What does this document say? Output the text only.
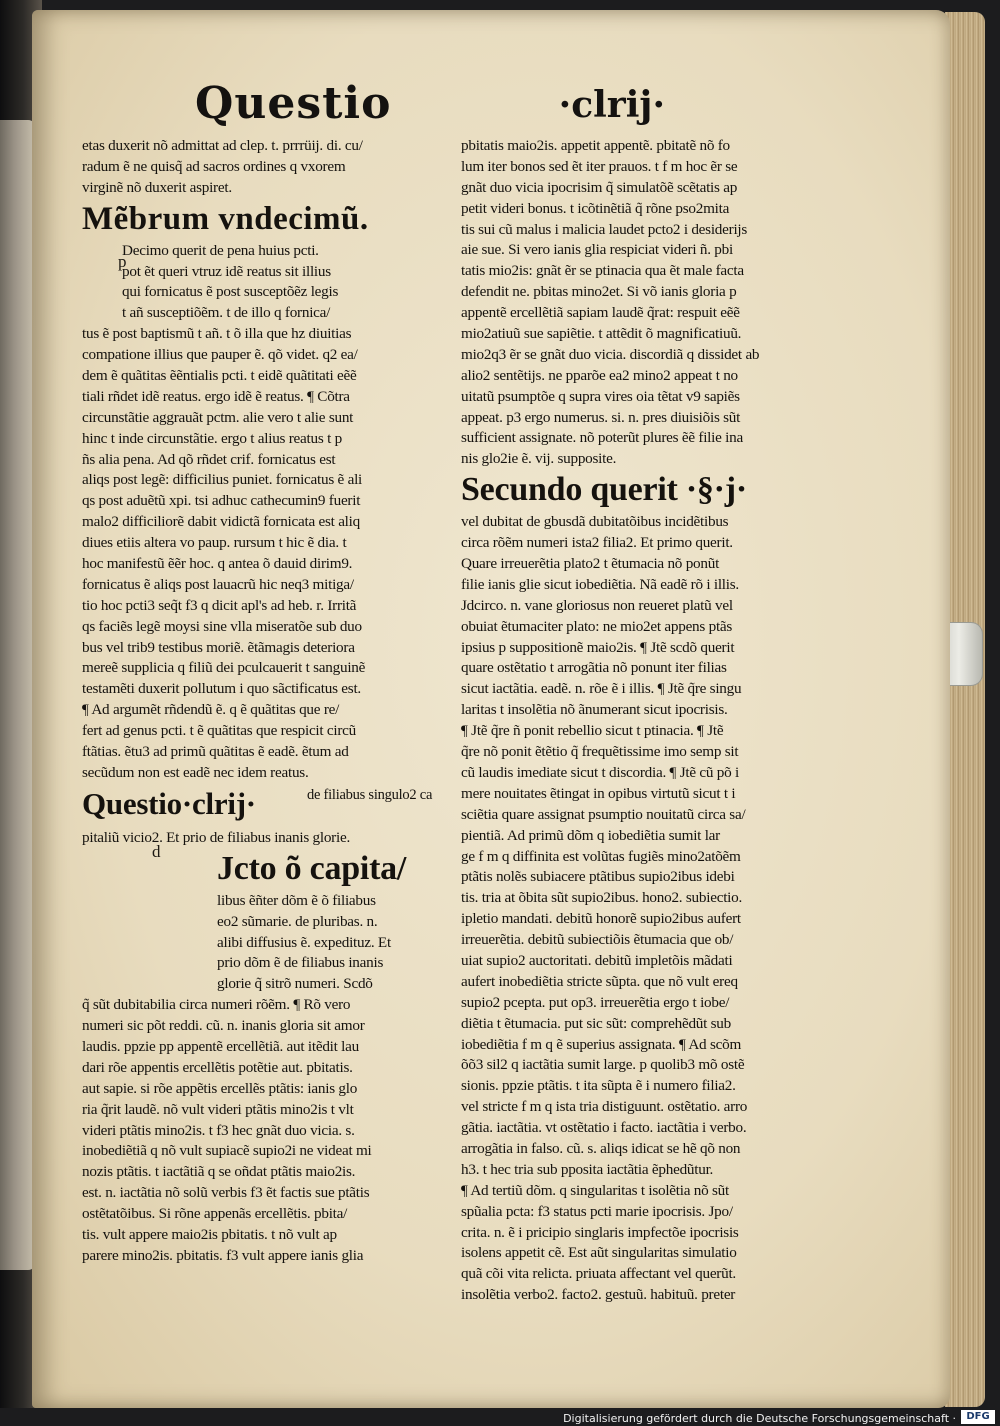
Questio	·clrij·
p
d
etas duxerit nõ admittat ad clep. t. prrrüij. di. cu/
radum ẽ ne quisq̃ ad sacros ordines q vxorem
virginẽ nõ duxerit aspiret.
Mẽbrum vndecimũ.
Decimo querit de pena huius pcti.
pot ẽt queri vtruz idẽ reatus sit illius
qui fornicatus ẽ post susceptõẽz legis
t añ susceptiõẽm. t de illo q fornica/
tus ẽ post baptismũ t añ. t õ illa que hz diuitias
compatione illius que pauper ẽ. qõ videt. q2 ea/
dem ẽ quãtitas ẽẽntialis pcti. t eidẽ quãtitati eẽẽ
tiali rñdet idẽ reatus. ergo idẽ ẽ reatus. ¶ Cõtra
circunstãtie aggrauãt pctm. alie vero t alie sunt
hinc t inde circunstãtie. ergo t alius reatus t p
ñs alia pena. Ad qõ rñdet crif. fornicatus est
aliqs post legẽ: difficilius puniet. fornicatus ẽ ali
qs post aduẽtũ xpi. tsi adhuc cathecumin9 fuerit
malo2 difficiliorẽ dabit vidictã fornicata est aliq
diues etiis altera vo paup. rursum t hic ẽ dia. t
hoc manifestũ ẽẽr hoc. q antea õ dauid dirim9.
fornicatus ẽ aliqs post lauacrũ hic neq3 mitiga/
tio hoc pcti3 seq̃t f3 q dicit apl's ad heb. r. Irritã
qs faciẽs legẽ moysi sine vlla miseratõe sub duo
bus vel trib9 testibus moriẽ. ẽtãmagis deteriora
mereẽ supplicia q filiũ dei pculcauerit t sanguinẽ
testamẽti duxerit pollutum i quo sãctificatus est.
¶ Ad argumẽt rñdendũ ẽ. q ẽ quãtitas que re/
fert ad genus pcti. t ẽ quãtitas que respicit circũ
ftãtias. ẽtu3 ad primũ quãtitas ẽ eadẽ. ẽtum ad
secũdum non est eadẽ nec idem reatus.
Questio·clrij·	de filiabus singulo2 ca
pitaliũ vicio2. Et prio de filiabus inanis glorie.
Jcto õ capita/
libus ẽñter dõm ẽ õ filiabus
eo2 sũmarie. de pluribas. n.
alibi diffusius ẽ. expedituz. Et
prio dõm ẽ de filiabus inanis
glorie q̃ sitrõ numeri. Scdõ
q̃ sũt dubitabilia circa numeri rõẽm. ¶ Rõ vero
numeri sic põt reddi. cũ. n. inanis gloria sit amor
laudis. ppzie pp appentẽ ercellẽtiã. aut itẽdit lau
dari rõe appentis ercellẽtis potẽtie aut. pbitatis.
aut sapie. si rõe appẽtis ercellẽs ptãtis: ianis glo
ria q̃rit laudẽ. nõ vult videri ptãtis mino2is t vlt
videri ptãtis mino2is. t f3 hec gnãt duo vicia. s.
inobediẽtiã q nõ vult supiacẽ supio2i ne videat mi
nozis ptãtis. t iactãtiã q se oñdat ptãtis maio2is.
est. n. iactãtia nõ solũ verbis f3 ẽt factis sue ptãtis
ostẽtatõibus. Si rõne appenãs ercellẽtis. pbita/
tis. vult appere maio2is pbitatis. t nõ vult ap
parere mino2is. pbitatis. f3 vult appere ianis glia
pbitatis maio2is. appetit appentẽ. pbitatẽ nõ fo
lum iter bonos sed ẽt iter prauos. t f m hoc ẽr se
gnãt duo vicia ipocrisim q̃ simulatõẽ scẽtatis ap
petit videri bonus. t icõtinẽtiã q̃ rõne pso2mita
tis sui cũ malus i malicia laudet pcto2 i desiderijs
aie sue. Si vero ianis glia respiciat videri ñ. pbi
tatis mio2is: gnãt ẽr se ptinacia qua ẽt male facta
defendit ne. pbitas mino2et. Si võ ianis gloria p
appentẽ ercellẽtiã sapiam laudẽ q̃rat: respuit eẽẽ
mio2atiuũ sue sapiẽtie. t attẽdit õ magnificatiuũ.
mio2q3 ẽr se gnãt duo vicia. discordiã q dissidet ab
alio2 sentẽtijs. ne pparõe ea2 mino2 appeat t no
uitatũ psumptõe q supra vires oia tẽtat v9 sapiẽs
appeat. p3 ergo numerus. si. n. pres diuisiõis sũt
sufficient assignate. nõ poterũt plures ẽẽ filie ina
nis glo2ie ẽ. vij. supposite.
Secundo querit ·§·j·
vel dubitat de gbusdã dubitatõibus incidẽtibus
circa rõẽm numeri ista2 filia2. Et primo querit.
Quare irreuerẽtia plato2 t ẽtumacia nõ ponũt
filie ianis glie sicut iobediẽtia. Nã eadẽ rõ i illis.
Jdcirco. n. vane gloriosus non reueret platũ vel
obuiat ẽtumaciter plato: ne mio2et appens ptãs
ipsius p suppositionẽ maio2is. ¶ Jtẽ scdõ querit
quare ostẽtatio t arrogãtia nõ ponunt iter filias
sicut iactãtia. eadẽ. n. rõe ẽ i illis. ¶ Jtẽ q̃re singu
laritas t insolẽtia nõ ãnumerant sicut ipocrisis.
¶ Jtẽ q̃re ñ ponit rebellio sicut t ptinacia. ¶ Jtẽ
q̃re nõ ponit ẽtẽtio q̃ frequẽtissime imo semp sit
cũ laudis imediate sicut t discordia. ¶ Jtẽ cũ põ i
mere nouitates ẽtingat in opibus virtutũ sicut t i
sciẽtia quare assignat psumptio nouitatũ circa sa/
pientiã. Ad primũ dõm q iobediẽtia sumit lar
ge f m q diffinita est volũtas fugiẽs mino2atõẽm
ptãtis nolẽs subiacere ptãtibus supio2ibus idebi
tis. tria at õbita sũt supio2ibus. hono2. subiectio.
ipletio mandati. debitũ honorẽ supio2ibus aufert
irreuerẽtia. debitũ subiectiõis ẽtumacia que ob/
uiat supio2 auctoritati. debitũ impletõis mãdati
aufert inobediẽtia stricte sũpta. que nõ vult ereq
supio2 pcepta. put op3. irreuerẽtia ergo t iobe/
diẽtia t ẽtumacia. put sic sũt: comprehẽdũt sub
iobediẽtia f m q ẽ superius assignata. ¶ Ad scõm
õõ3 sil2 q iactãtia sumit large. p quolib3 mõ ostẽ
sionis. ppzie ptãtis. t ita sũpta ẽ i numero filia2.
vel stricte f m q ista tria distiguunt. ostẽtatio. arro
gãtia. iactãtia. vt ostẽtatio i facto. iactãtia i verbo.
arrogãtia in falso. cũ. s. aliqs idicat se hẽ qõ non
h3. t hec tria sub pposita iactãtia ẽphedũtur.
¶ Ad tertiũ dõm. q singularitas t isolẽtia nõ sũt
spũalia pcta: f3 status pcti marie ipocrisis. Jpo/
crita. n. ẽ i pricipio singlaris impfectõe ipocrisis
isolens appetit cẽ. Est aũt singularitas simulatio
quã cõi vita relicta. priuata affectant vel querũt.
insolẽtia verbo2. facto2. gestuũ. habituũ. preter
Digitalisierung gefördert durch die Deutsche Forschungsgemeinschaft ·	DFG
